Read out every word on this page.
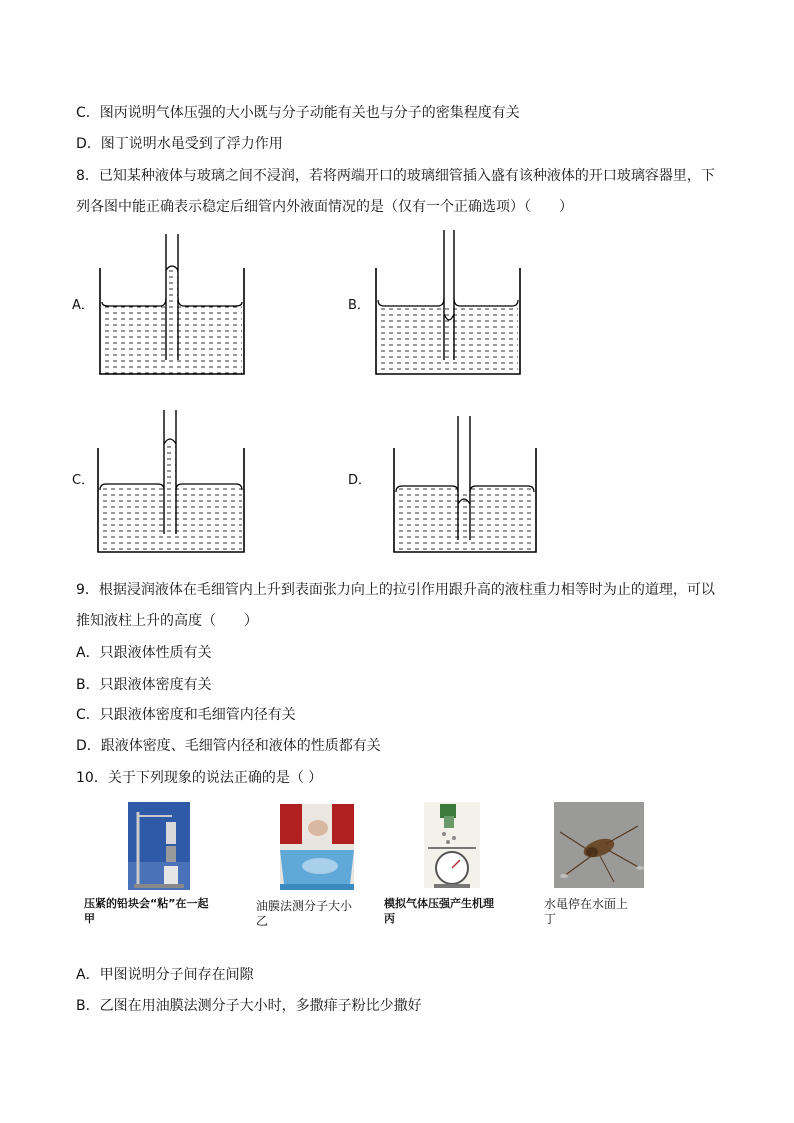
C．图丙说明气体压强的大小既与分子动能有关也与分子的密集程度有关
D．图丁说明水黾受到了浮力作用
8．已知某种液体与玻璃之间不浸润，若将两端开口的玻璃细管插入盛有该种液体的开口玻璃容器里，下
列各图中能正确表示稳定后细管内外液面情况的是（仅有一个正确选项）（　　）
A．	B．
C．	D．
9．根据浸润液体在毛细管内上升到表面张力向上的拉引作用跟升高的液柱重力相等时为止的道理，可以
推知液柱上升的高度（　　）
A．只跟液体性质有关
B．只跟液体密度有关
C．只跟液体密度和毛细管内径有关
D．跟液体密度、毛细管内径和液体的性质都有关
10．关于下列现象的说法正确的是（ ）
压紧的铅块会“粘”在一起
甲
油膜法测分子大小
乙
模拟气体压强产生机理
丙
水黾停在水面上
丁
A．甲图说明分子间存在间隙
B．乙图在用油膜法测分子大小时，多撒痱子粉比少撒好
